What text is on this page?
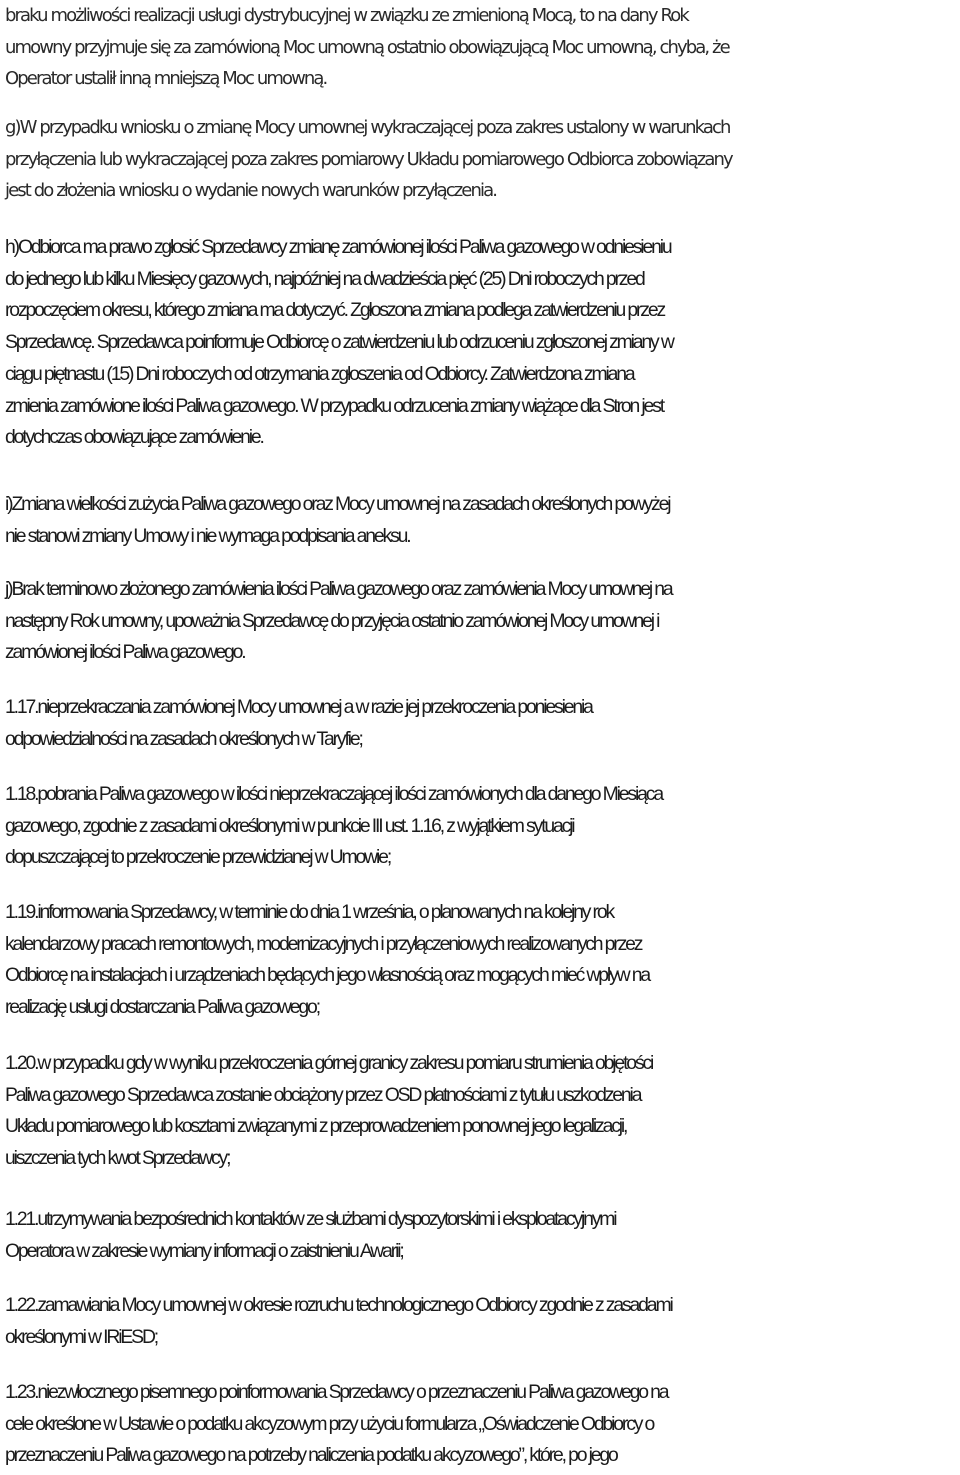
braku możliwości realizacji usługi dystrybucyjnej w związku ze zmienioną Mocą, to na dany Rok
umowny przyjmuje się za zamówioną Moc umowną ostatnio obowiązującą Moc umowną, chyba, że
Operator ustalił inną mniejszą Moc umowną.

g)W przypadku wniosku o zmianę Mocy umownej wykraczającej poza zakres ustalony w warunkach
przyłączenia lub wykraczającej poza zakres pomiarowy Układu pomiarowego Odbiorca zobowiązany
jest do złożenia wniosku o wydanie nowych warunków przyłączenia.

h)Odbiorca ma prawo zgłosić Sprzedawcy zmianę zamówionej ilości Paliwa gazowego w odniesieniu
do jednego lub kilku Miesięcy gazowych, najpóźniej na dwadzieścia pięć (25) Dni roboczych przed
rozpoczęciem okresu, którego zmiana ma dotyczyć. Zgłoszona zmiana podlega zatwierdzeniu przez
Sprzedawcę. Sprzedawca poinformuje Odbiorcę o zatwierdzeniu lub odrzuceniu zgłoszonej zmiany w
ciągu piętnastu (15) Dni roboczych od otrzymania zgłoszenia od Odbiorcy. Zatwierdzona zmiana
zmienia zamówione ilości Paliwa gazowego. W przypadku odrzucenia zmiany wiążące dla Stron jest
dotychczas obowiązujące zamówienie.

i)Zmiana wielkości zużycia Paliwa gazowego oraz Mocy umownej na zasadach określonych powyżej
nie stanowi zmiany Umowy i nie wymaga podpisania aneksu.

j)Brak terminowo złożonego zamówienia ilości Paliwa gazowego oraz zamówienia Mocy umownej na
następny Rok umowny, upoważnia Sprzedawcę do przyjęcia ostatnio zamówionej Mocy umownej i
zamówionej ilości Paliwa gazowego.

1.17.nieprzekraczania zamówionej Mocy umownej a w razie jej przekroczenia poniesienia
odpowiedzialności na zasadach określonych w Taryfie;

1.18.pobrania Paliwa gazowego w ilości nieprzekraczającej ilości zamówionych dla danego Miesiąca
gazowego, zgodnie z zasadami określonymi w punkcie III ust. 1.16, z wyjątkiem sytuacji
dopuszczającej to przekroczenie przewidzianej w Umowie;

1.19.informowania Sprzedawcy, w terminie do dnia 1 września, o planowanych na kolejny rok
kalendarzowy pracach remontowych, modernizacyjnych i przyłączeniowych realizowanych przez
Odbiorcę na instalacjach i urządzeniach będących jego własnością oraz mogących mieć wpływ na
realizację usługi dostarczania Paliwa gazowego;

1.20.w przypadku gdy w wyniku przekroczenia górnej granicy zakresu pomiaru strumienia objętości
Paliwa gazowego Sprzedawca zostanie obciążony przez OSD płatnościami z tytułu uszkodzenia
Układu pomiarowego lub kosztami związanymi z przeprowadzeniem ponownej jego legalizacji,
uiszczenia tych kwot Sprzedawcy;

1.21.utrzymywania bezpośrednich kontaktów ze służbami dyspozytorskimi i eksploatacyjnymi
Operatora w zakresie wymiany informacji o zaistnieniu Awarii;

1.22.zamawiania Mocy umownej w okresie rozruchu technologicznego Odbiorcy zgodnie z zasadami
określonymi w IRiESD;

1.23.niezwłocznego pisemnego poinformowania Sprzedawcy o przeznaczeniu Paliwa gazowego na
cele określone w Ustawie o podatku akcyzowym przy użyciu formularza „Oświadczenie Odbiorcy o
przeznaczeniu Paliwa gazowego na potrzeby naliczenia podatku akcyzowego”, które, po jego
